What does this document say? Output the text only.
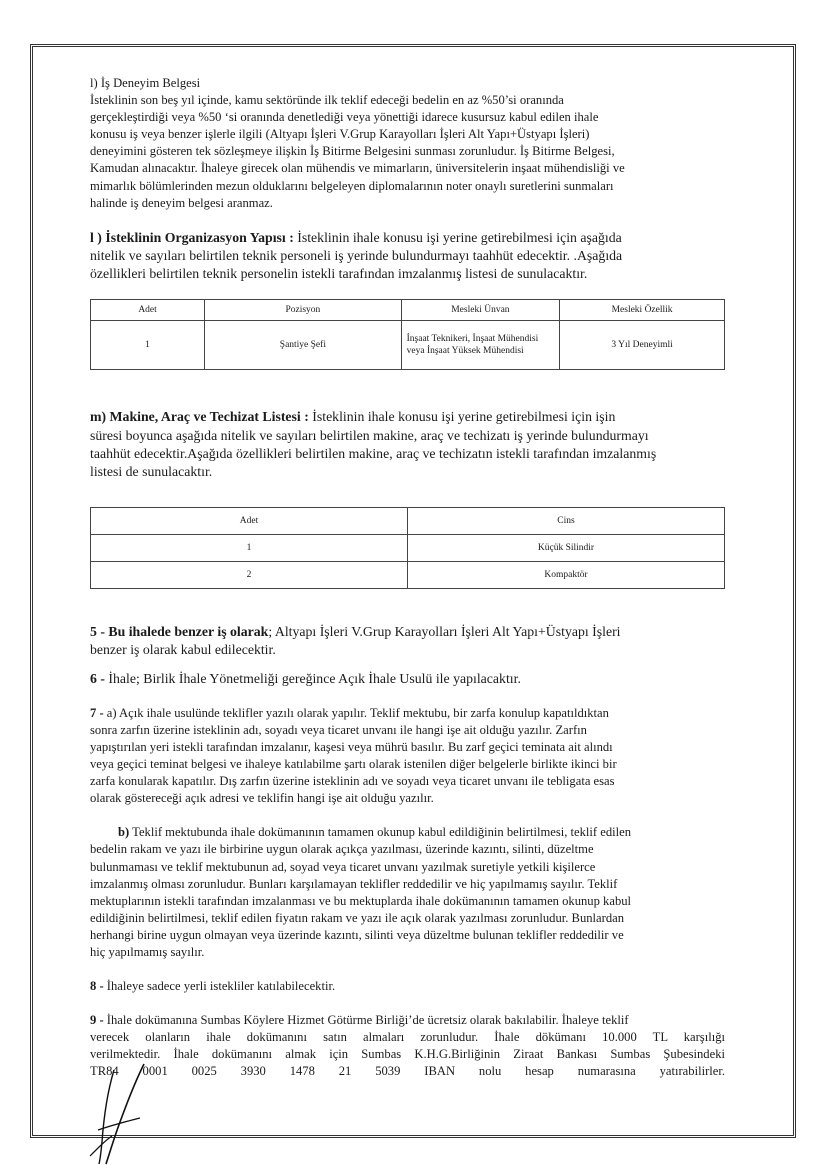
l) İş Deneyim Belgesi

İsteklinin son beş yıl içinde, kamu sektöründe ilk teklif edeceği bedelin en az %50’si oranında

gerçekleştirdiği veya %50 ‘si oranında denetlediği veya yönettiği idarece kusursuz kabul edilen ihale

konusu iş veya benzer işlerle ilgili (Altyapı İşleri V.Grup Karayolları İşleri Alt Yapı+Üstyapı İşleri)

deneyimini gösteren tek sözleşmeye ilişkin İş Bitirme Belgesini sunması zorunludur. İş Bitirme Belgesi,

Kamudan alınacaktır. İhaleye girecek olan mühendis ve mimarların, üniversitelerin inşaat mühendisliği ve

mimarlık bölümlerinden mezun olduklarını belgeleyen diplomalarının noter onaylı suretlerini sunmaları

halinde iş deneyim belgesi aranmaz.

l ) İsteklinin Organizasyon Yapısı : İsteklinin ihale konusu işi yerine getirebilmesi için aşağıda

nitelik ve sayıları belirtilen teknik personeli iş yerinde bulundurmayı taahhüt edecektir. .Aşağıda

özellikleri belirtilen teknik personelin istekli tarafından imzalanmış listesi de sunulacaktır.

Adet	Pozisyon	Mesleki Ünvan	Mesleki Özellik
1	Şantiye Şefi	İnşaat Teknikeri, İnşaat Mühendisi veya İnşaat Yüksek Mühendisi	3 Yıl Deneyimli

m) Makine, Araç ve Techizat Listesi : İsteklinin ihale konusu işi yerine getirebilmesi için işin

süresi boyunca aşağıda nitelik ve sayıları belirtilen makine, araç ve techizatı iş yerinde bulundurmayı

taahhüt edecektir.Aşağıda özellikleri belirtilen makine, araç ve techizatın istekli tarafından imzalanmış

listesi de sunulacaktır.

Adet	Cins
1	Küçük Silindir
2	Kompaktör

5 - Bu ihalede benzer iş olarak; Altyapı İşleri V.Grup Karayolları İşleri Alt Yapı+Üstyapı İşleri

benzer iş olarak kabul edilecektir.

6 - İhale; Birlik İhale Yönetmeliği gereğince Açık İhale Usulü ile yapılacaktır.

7 - a) Açık ihale usulünde teklifler yazılı olarak yapılır. Teklif mektubu, bir zarfa konulup kapatıldıktan

sonra zarfın üzerine isteklinin adı, soyadı veya ticaret unvanı ile hangi işe ait olduğu yazılır. Zarfın

yapıştırılan yeri istekli tarafından imzalanır, kaşesi veya mührü basılır. Bu zarf geçici teminata ait alındı

veya geçici teminat belgesi ve ihaleye katılabilme şartı olarak istenilen diğer belgelerle birlikte ikinci bir

zarfa konularak kapatılır. Dış zarfın üzerine isteklinin adı ve soyadı veya ticaret unvanı ile tebligata esas

olarak göstereceği açık adresi ve teklifin hangi işe ait olduğu yazılır.

b) Teklif mektubunda ihale dokümanının tamamen okunup kabul edildiğinin belirtilmesi, teklif edilen

bedelin rakam ve yazı ile birbirine uygun olarak açıkça yazılması, üzerinde kazıntı, silinti, düzeltme

bulunmaması ve teklif mektubunun ad, soyad veya ticaret unvanı yazılmak suretiyle yetkili kişilerce

imzalanmış olması zorunludur. Bunları karşılamayan teklifler reddedilir ve hiç yapılmamış sayılır. Teklif

mektuplarının istekli tarafından imzalanması ve bu mektuplarda ihale dokümanının tamamen okunup kabul

edildiğinin belirtilmesi, teklif edilen fiyatın rakam ve yazı ile açık olarak yazılması zorunludur. Bunlardan

herhangi birine uygun olmayan veya üzerinde kazıntı, silinti veya düzeltme bulunan teklifler reddedilir ve

hiç yapılmamış sayılır.

8 - İhaleye sadece yerli istekliler katılabilecektir.

9 - İhale dokümanına Sumbas Köylere Hizmet Götürme Birliği’de ücretsiz olarak bakılabilir. İhaleye teklif

verecek olanların ihale dokümanını satın almaları zorunludur. İhale dökümanı 10.000 TL karşılığı

verilmektedir. İhale dokümanını almak için Sumbas K.H.G.Birliğinin Ziraat Bankası Sumbas Şubesindeki

TR84 0001 0025 3930 1478 21 5039 IBAN nolu hesap numarasına yatırabilirler.
